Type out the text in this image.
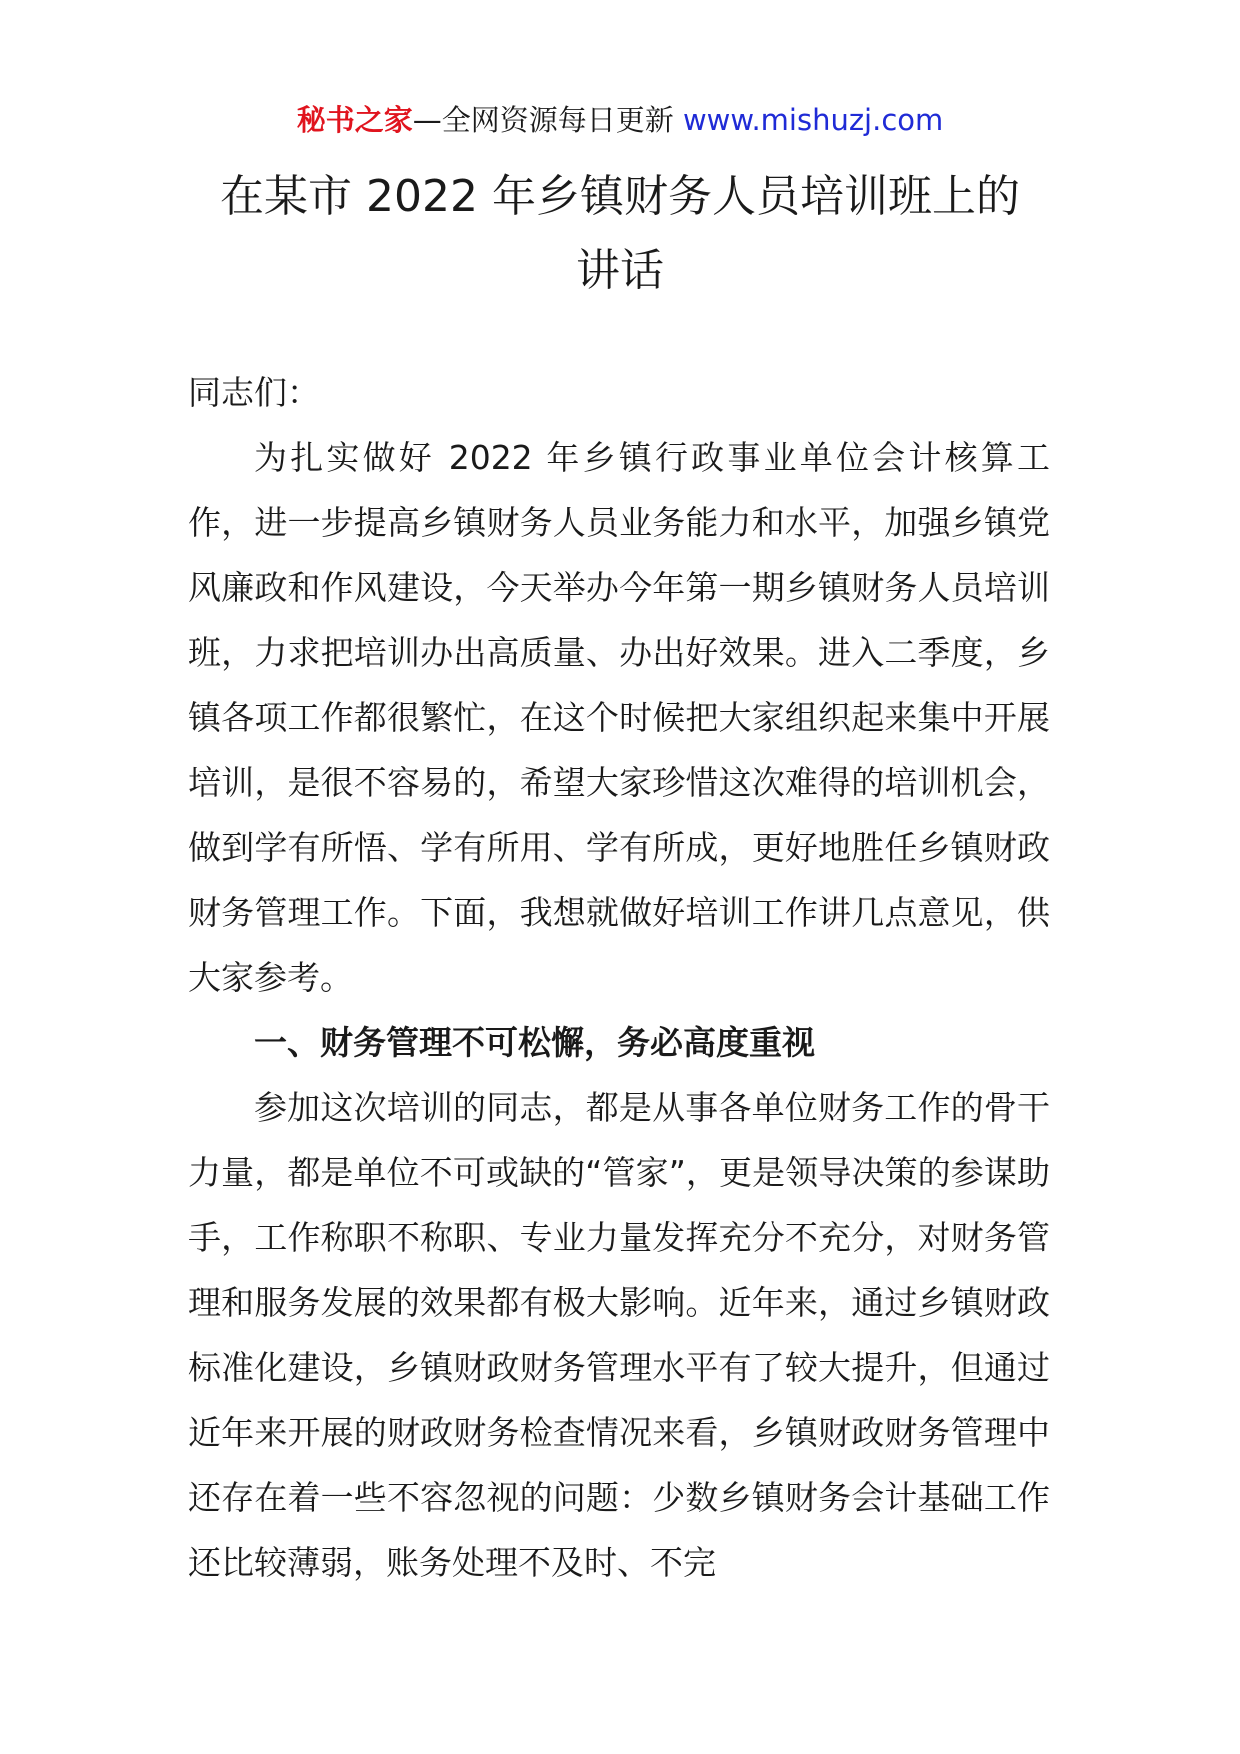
秘书之家—全网资源每日更新 www.mishuzj.com
在某市 2022 年乡镇财务人员培训班上的
讲话

同志们：

为扎实做好 2022 年乡镇行政事业单位会计核算工作，进一步提高乡镇财务人员业务能力和水平，加强乡镇党风廉政和作风建设，今天举办今年第一期乡镇财务人员培训班，力求把培训办出高质量、办出好效果。进入二季度，乡镇各项工作都很繁忙，在这个时候把大家组织起来集中开展培训，是很不容易的，希望大家珍惜这次难得的培训机会，做到学有所悟、学有所用、学有所成，更好地胜任乡镇财政财务管理工作。下面，我想就做好培训工作讲几点意见，供大家参考。

一、财务管理不可松懈，务必高度重视

参加这次培训的同志，都是从事各单位财务工作的骨干力量，都是单位不可或缺的“管家”，更是领导决策的参谋助手，工作称职不称职、专业力量发挥充分不充分，对财务管理和服务发展的效果都有极大影响。近年来，通过乡镇财政标准化建设，乡镇财政财务管理水平有了较大提升，但通过近年来开展的财政财务检查情况来看，乡镇财政财务管理中还存在着一些不容忽视的问题：少数乡镇财务会计基础工作还比较薄弱，账务处理不及时、不完
